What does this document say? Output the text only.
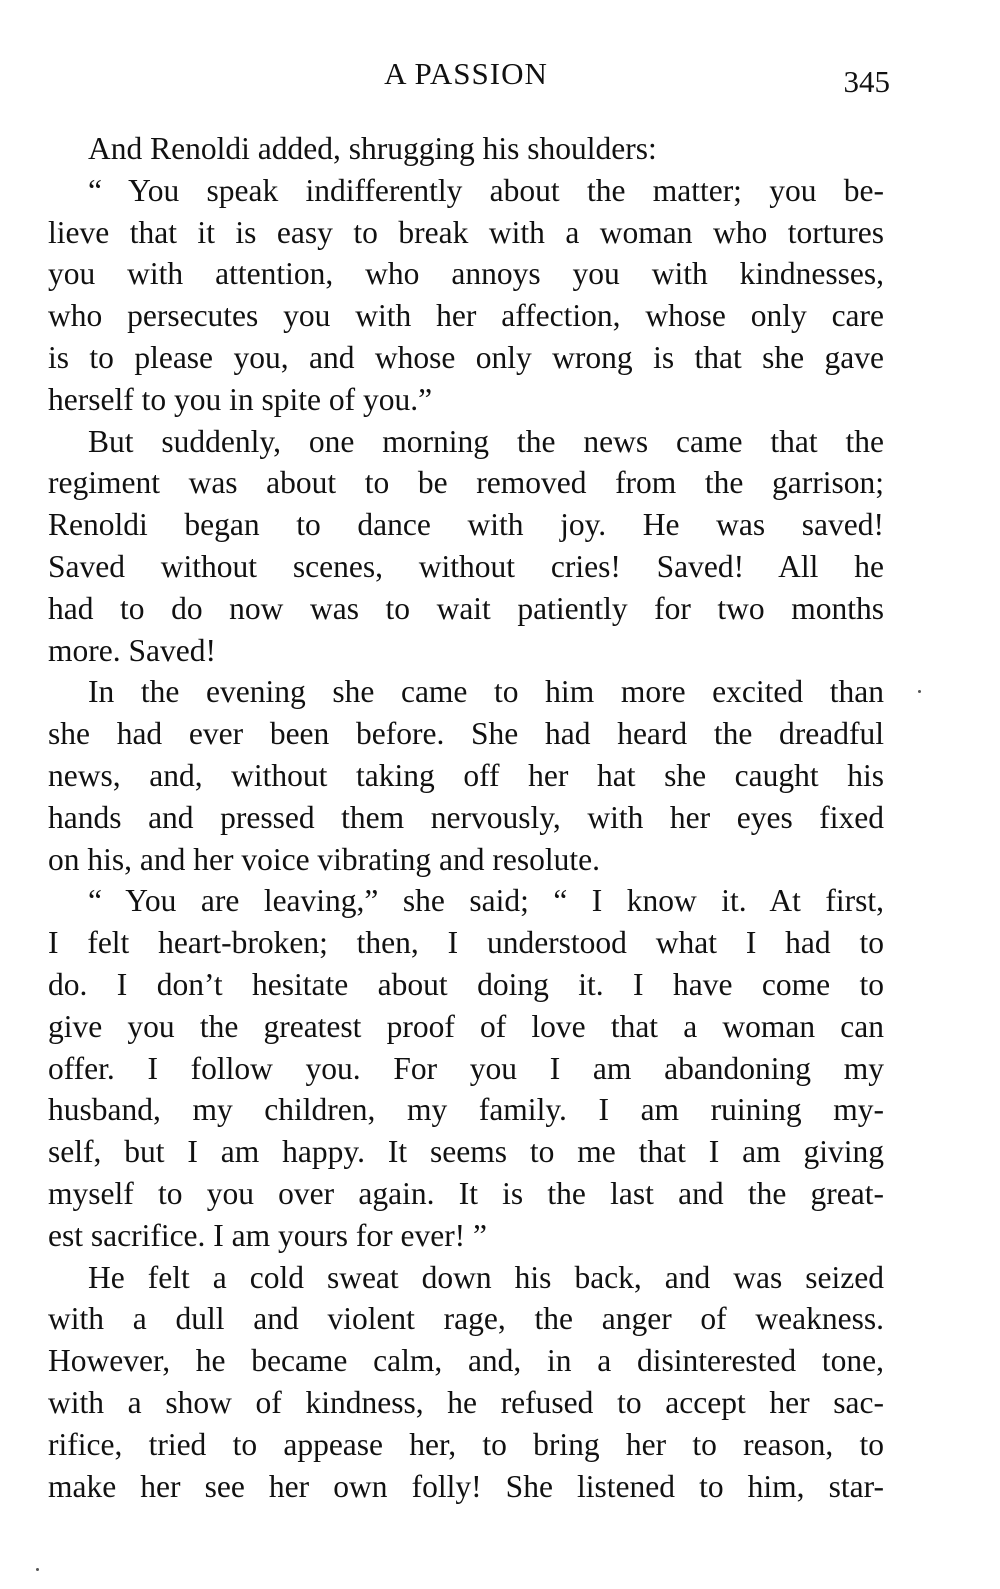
A PASSION	345
And Renoldi added, shrugging his shoulders:
“ You speak indifferently about the matter; you be-
lieve that it is easy to break with a woman who tortures
you with attention, who annoys you with kindnesses,
who persecutes you with her affection, whose only care
is to please you, and whose only wrong is that she gave
herself to you in spite of you.”
But suddenly, one morning the news came that the
regiment was about to be removed from the garrison;
Renoldi began to dance with joy. He was saved!
Saved without scenes, without cries! Saved! All he
had to do now was to wait patiently for two months
more. Saved!
In the evening she came to him more excited than
she had ever been before. She had heard the dreadful
news, and, without taking off her hat she caught his
hands and pressed them nervously, with her eyes fixed
on his, and her voice vibrating and resolute.
“ You are leaving,” she said; “ I know it. At first,
I felt heart-broken; then, I understood what I had to
do. I don’t hesitate about doing it. I have come to
give you the greatest proof of love that a woman can
offer. I follow you. For you I am abandoning my
husband, my children, my family. I am ruining my-
self, but I am happy. It seems to me that I am giving
myself to you over again. It is the last and the great-
est sacrifice. I am yours for ever! ”
He felt a cold sweat down his back, and was seized
with a dull and violent rage, the anger of weakness.
However, he became calm, and, in a disinterested tone,
with a show of kindness, he refused to accept her sac-
rifice, tried to appease her, to bring her to reason, to
make her see her own folly! She listened to him, star-
